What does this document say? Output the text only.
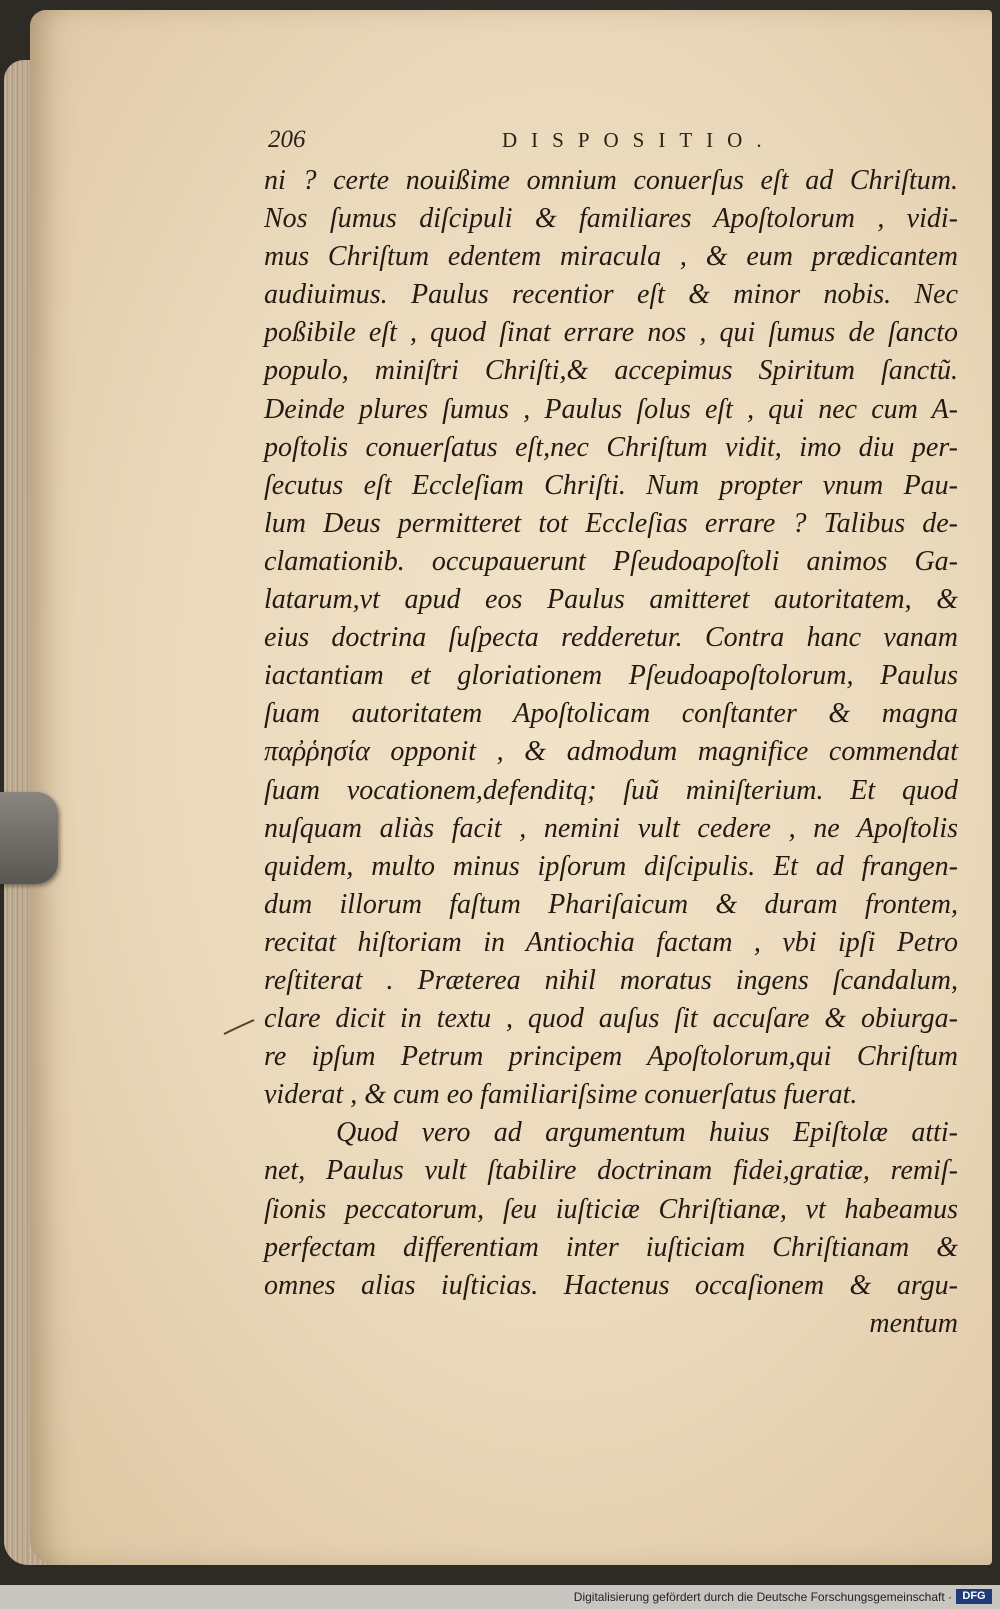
206	DISPOSITIO.
ni ? certe nouißime omnium conuerſus eſt ad Chriſtum.
Nos ſumus diſcipuli & familiares Apoſtolorum , vidi-
mus Chriſtum edentem miracula , & eum prædicantem
audiuimus. Paulus recentior eſt & minor nobis. Nec
poßibile eſt , quod ſinat errare nos , qui ſumus de ſancto
populo, miniſtri Chriſti,& accepimus Spiritum ſanctũ.
Deinde plures ſumus , Paulus ſolus eſt , qui nec cum A-
poſtolis conuerſatus eſt,nec Chriſtum vidit, imo diu per-
ſecutus eſt Eccleſiam Chriſti. Num propter vnum Pau-
lum Deus permitteret tot Eccleſias errare ? Talibus de-
clamationib. occupauerunt Pſeudoapoſtoli animos Ga-
latarum,vt apud eos Paulus amitteret autoritatem, &
eius doctrina ſuſpecta redderetur. Contra hanc vanam
iactantiam et gloriationem Pſeudoapoſtolorum, Paulus
ſuam autoritatem Apoſtolicam conſtanter & magna
παῤῥησία opponit , & admodum magnifice commendat
ſuam vocationem,defenditq; ſuũ miniſterium. Et quod
nuſquam aliàs facit , nemini vult cedere , ne Apoſtolis
quidem, multo minus ipſorum diſcipulis. Et ad frangen-
dum illorum faſtum Phariſaicum & duram frontem,
recitat hiſtoriam in Antiochia factam , vbi ipſi Petro
reſtiterat . Præterea nihil moratus ingens ſcandalum,
clare dicit in textu , quod auſus ſit accuſare & obiurga-
re ipſum Petrum principem Apoſtolorum,qui Chriſtum
viderat , & cum eo familiariſsime conuerſatus fuerat.
Quod vero ad argumentum huius Epiſtolæ atti-
net, Paulus vult ſtabilire doctrinam fidei,gratiæ, remiſ-
ſionis peccatorum, ſeu iuſticiæ Chriſtianæ, vt habeamus
perfectam differentiam inter iuſticiam Chriſtianam &
omnes alias iuſticias. Hactenus occaſionem & argu-
mentum
Digitalisierung gefördert durch die Deutsche Forschungsgemeinschaft · DFG
